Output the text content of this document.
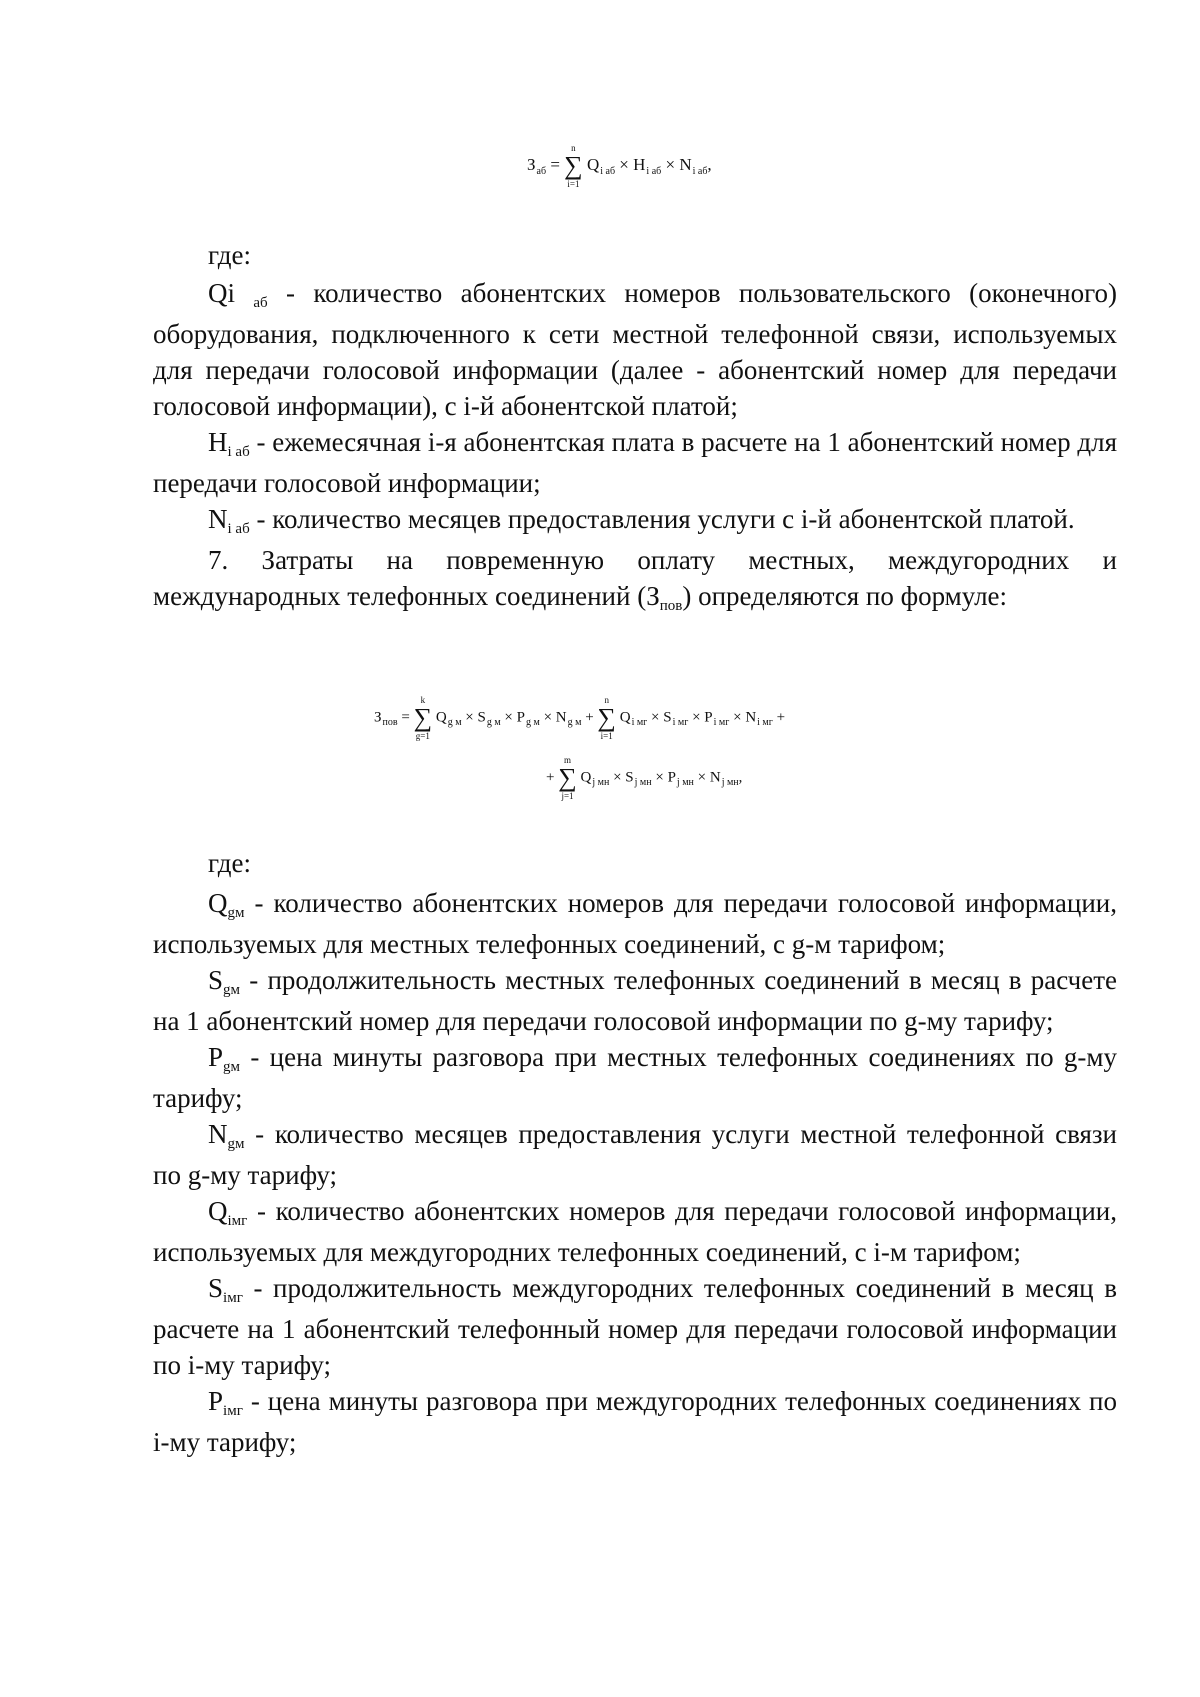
$З_{аб}$ =
n
∑
i=1
$Q_{i аб} \times H_{i аб} \times N_{i аб}$,
где:

Qi аб - количество абонентских номеров пользовательского (оконечного) оборудования, подключенного к сети местной телефонной связи, используемых для передачи голосовой информации (далее - абонентский номер для передачи голосовой информации), с i-й абонентской платой;

Hi аб - ежемесячная i-я абонентская плата в расчете на 1 абонентский номер для передачи голосовой информации;

Ni аб - количество месяцев предоставления услуги с i-й абонентской платой.

7. Затраты на повременную оплату местных, междугородних и международных телефонных соединений (Зпов) определяются по формуле:

$З_{пов}$ =
k
∑
g=1
$Q_{g м} \times S_{g м} \times P_{g м} \times N_{g м}$ +
n
∑
i=1
$Q_{i мг} \times S_{i мг} \times P_{i мг} \times N_{i мг}$ +
+
m
∑
j=1
$Q_{j мн} \times S_{j мн} \times P_{j мн} \times N_{j мн}$,
где:

Qgм - количество абонентских номеров для передачи голосовой информации, используемых для местных телефонных соединений, с g-м тарифом;

Sgм - продолжительность местных телефонных соединений в месяц в расчете на 1 абонентский номер для передачи голосовой информации по g-му тарифу;

Pgм - цена минуты разговора при местных телефонных соединениях по g-му тарифу;

Ngм - количество месяцев предоставления услуги местной телефонной связи по g-му тарифу;

Qiмг - количество абонентских номеров для передачи голосовой информации, используемых для междугородних телефонных соединений, с i-м тарифом;

Siмг - продолжительность междугородних телефонных соединений в месяц в расчете на 1 абонентский телефонный номер для передачи голосовой информации по i-му тарифу;

Piмг - цена минуты разговора при междугородних телефонных соединениях по i-му тарифу;
